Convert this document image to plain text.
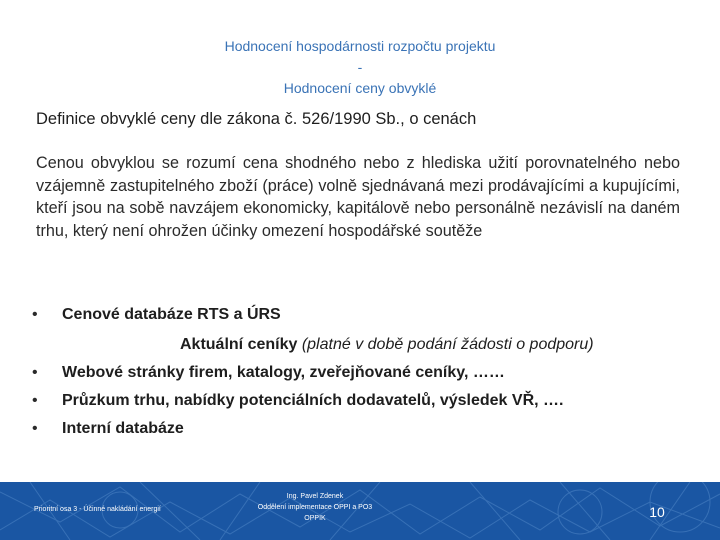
Hodnocení hospodárnosti rozpočtu projektu
-
Hodnocení ceny obvyklé
Definice obvyklé ceny dle zákona č. 526/1990 Sb., o cenách
Cenou obvyklou se rozumí cena shodného nebo z hlediska užití porovnatelného nebo vzájemně zastupitelného zboží (práce) volně sjednávaná mezi prodávajícími a kupujícími, kteří jsou na sobě navzájem ekonomicky, kapitálově nebo personálně nezávislí na daném trhu, který není ohrožen účinky omezení hospodářské soutěže
•	Cenové databáze RTS a ÚRS
Aktuální ceníky (platné v době podání žádosti o podporu)
•	Webové stránky firem, katalogy, zveřejňované ceníky, ……
•	Průzkum trhu, nabídky potenciálních dodavatelů, výsledek VŘ, ….
•	Interní databáze
Prioritní osa 3 - Účinné nakládání energií
Ing. Pavel Zdenek
Oddělení implementace OPPI a PO3
OPPIK	10
